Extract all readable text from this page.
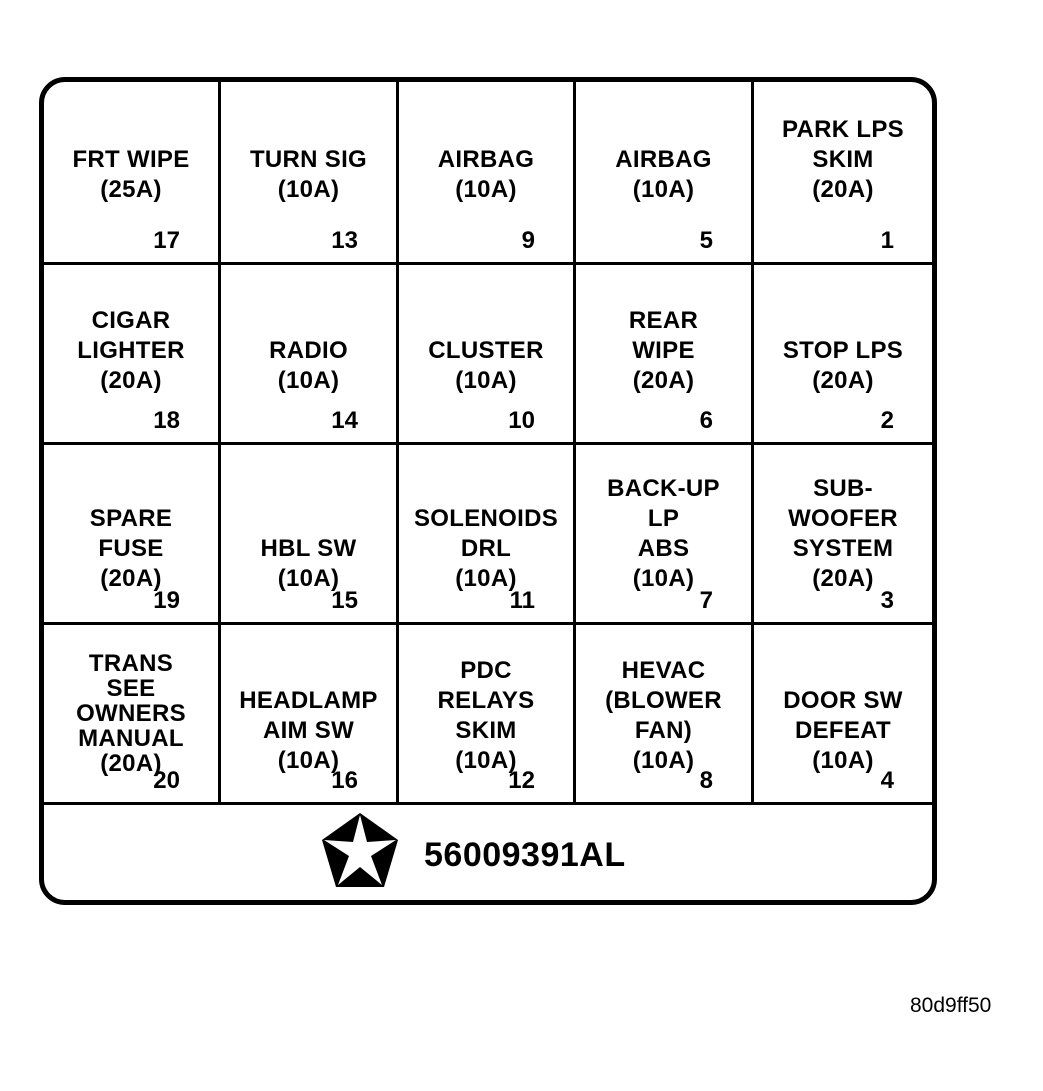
FRT WIPE
(25A)
17
TURN SIG
(10A)
13
AIRBAG
(10A)
9
AIRBAG
(10A)
5
PARK LPS
SKIM
(20A)
1
CIGAR
LIGHTER
(20A)
18
RADIO
(10A)
14
CLUSTER
(10A)
10
REAR
WIPE
(20A)
6
STOP LPS
(20A)
2
SPARE
FUSE
(20A)
19
HBL SW
(10A)
15
SOLENOIDS
DRL
(10A)
11
BACK-UP
LP
ABS
(10A)
7
SUB-
WOOFER
SYSTEM
(20A)
3
TRANS
SEE
OWNERS
MANUAL
(20A)
20
HEADLAMP
AIM SW
(10A)
16
PDC
RELAYS
SKIM
(10A)
12
HEVAC
(BLOWER
FAN)
(10A)
8
DOOR SW
DEFEAT
(10A)
4
56009391AL
80d9ff50
